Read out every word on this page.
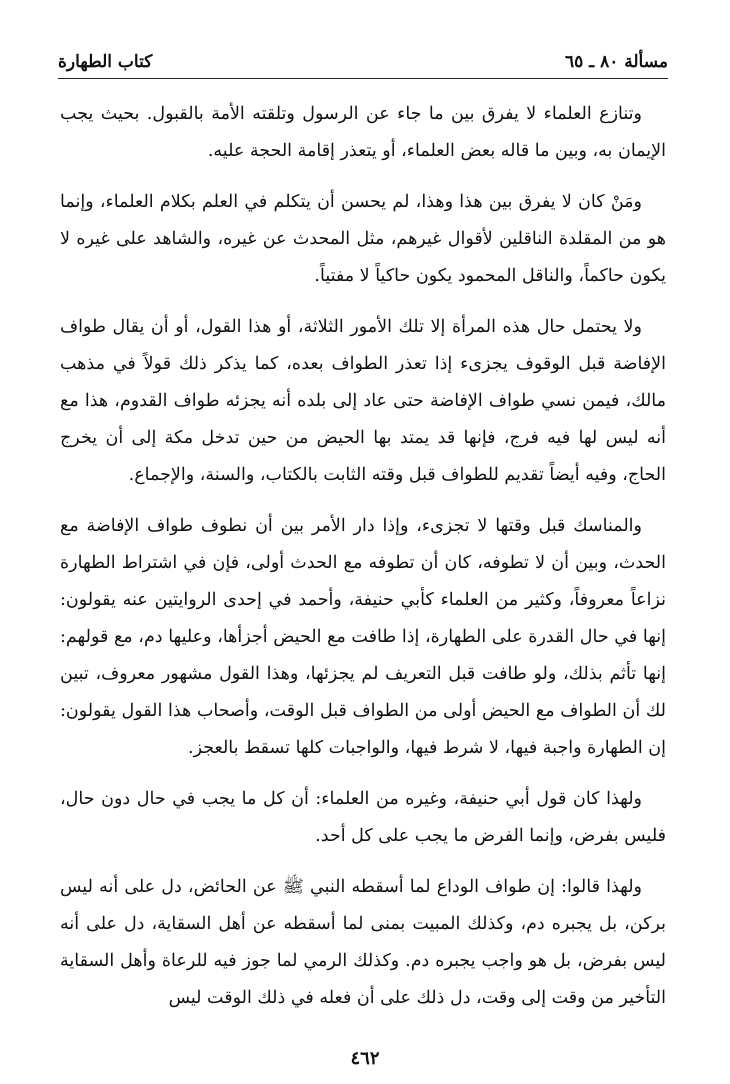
مسألة ٨٠ ـ ٦٥
كتاب الطهارة

وتنازع العلماء لا يفرق بين ما جاء عن الرسول وتلقته الأمة بالقبول. بحيث يجب الإيمان به، وبين ما قاله بعض العلماء، أو يتعذر إقامة الحجة عليه.

ومَنْ كان لا يفرق بين هذا وهذا، لم يحسن أن يتكلم في العلم بكلام العلماء، وإنما هو من المقلدة الناقلين لأقوال غيرهم، مثل المحدث عن غيره، والشاهد على غيره لا يكون حاكماً، والناقل المحمود يكون حاكياً لا مفتياً.

ولا يحتمل حال هذه المرأة إلا تلك الأمور الثلاثة، أو هذا القول، أو أن يقال طواف الإفاضة قبل الوقوف يجزىء إذا تعذر الطواف بعده، كما يذكر ذلك قولاً في مذهب مالك، فيمن نسي طواف الإفاضة حتى عاد إلى بلده أنه يجزئه طواف القدوم، هذا مع أنه ليس لها فيه فرج، فإنها قد يمتد بها الحيض من حين تدخل مكة إلى أن يخرج الحاج، وفيه أيضاً تقديم للطواف قبل وقته الثابت بالكتاب، والسنة، والإجماع.

والمناسك قبل وقتها لا تجزىء، وإذا دار الأمر بين أن نطوف طواف الإفاضة مع الحدث، وبين أن لا تطوفه، كان أن تطوفه مع الحدث أولى، فإن في اشتراط الطهارة نزاعاً معروفاً، وكثير من العلماء كأبي حنيفة، وأحمد في إحدى الروايتين عنه يقولون: إنها في حال القدرة على الطهارة، إذا طافت مع الحيض أجزأها، وعليها دم، مع قولهم: إنها تأثم بذلك، ولو طافت قبل التعريف لم يجزئها، وهذا القول مشهور معروف، تبين لك أن الطواف مع الحيض أولى من الطواف قبل الوقت، وأصحاب هذا القول يقولون: إن الطهارة واجبة فيها، لا شرط فيها، والواجبات كلها تسقط بالعجز.

ولهذا كان قول أبي حنيفة، وغيره من العلماء: أن كل ما يجب في حال دون حال، فليس بفرض، وإنما الفرض ما يجب على كل أحد.

ولهذا قالوا: إن طواف الوداع لما أسقطه النبي ﷺ عن الحائض، دل على أنه ليس بركن، بل يجبره دم، وكذلك المبيت بمنى لما أسقطه عن أهل السقاية، دل على أنه ليس بفرض، بل هو واجب يجبره دم. وكذلك الرمي لما جوز فيه للرعاة وأهل السقاية التأخير من وقت إلى وقت، دل ذلك على أن فعله في ذلك الوقت ليس

٤٦٢
